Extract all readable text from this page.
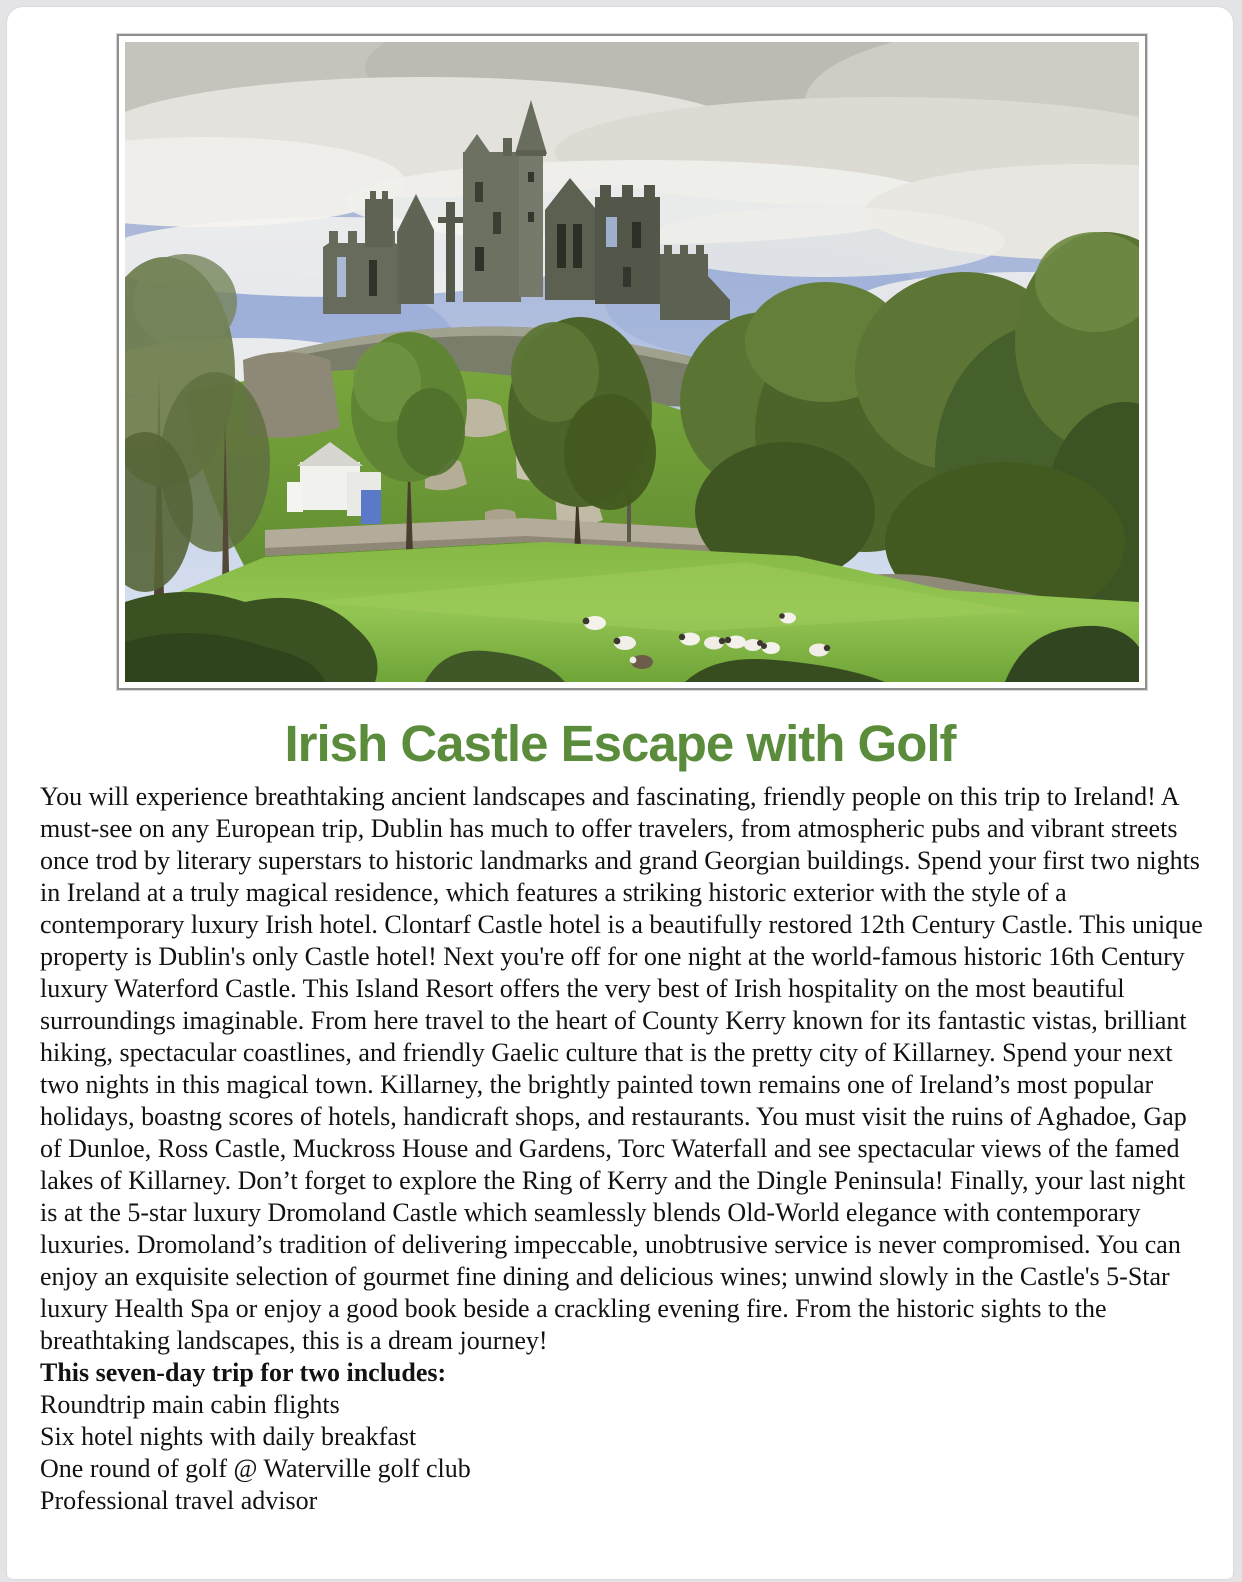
Irish Castle Escape with Golf

You will experience breathtaking ancient landscapes and fascinating, friendly people on this trip to Ireland! A must-see on any European trip, Dublin has much to offer travelers, from atmospheric pubs and vibrant streets once trod by literary superstars to historic landmarks and grand Georgian buildings. Spend your first two nights in Ireland at a truly magical residence, which features a striking historic exterior with the style of a contemporary luxury Irish hotel. Clontarf Castle hotel is a beautifully restored 12th Century Castle. This unique property is Dublin's only Castle hotel! Next you're off for one night at the world-famous historic 16th Century luxury Waterford Castle. This Island Resort offers the very best of Irish hospitality on the most beautiful surroundings imaginable. From here travel to the heart of County Kerry known for its fantastic vistas, brilliant hiking, spectacular coastlines, and friendly Gaelic culture that is the pretty city of Killarney. Spend your next two nights in this magical town. Killarney, the brightly painted town remains one of Ireland’s most popular holidays, boastng scores of hotels, handicraft shops, and restaurants. You must visit the ruins of Aghadoe, Gap of Dunloe, Ross Castle, Muckross House and Gardens, Torc Waterfall and see spectacular views of the famed lakes of Killarney. Don’t forget to explore the Ring of Kerry and the Dingle Peninsula! Finally, your last night is at the 5-star luxury Dromoland Castle which seamlessly blends Old-World elegance with contemporary luxuries. Dromoland’s tradition of delivering impeccable, unobtrusive service is never compromised. You can enjoy an exquisite selection of gourmet fine dining and delicious wines; unwind slowly in the Castle's 5-Star luxury Health Spa or enjoy a good book beside a crackling evening fire. From the historic sights to the breathtaking landscapes, this is a dream journey!

This seven-day trip for two includes:

Roundtrip main cabin flights

Six hotel nights with daily breakfast

One round of golf @ Waterville golf club

Professional travel advisor
